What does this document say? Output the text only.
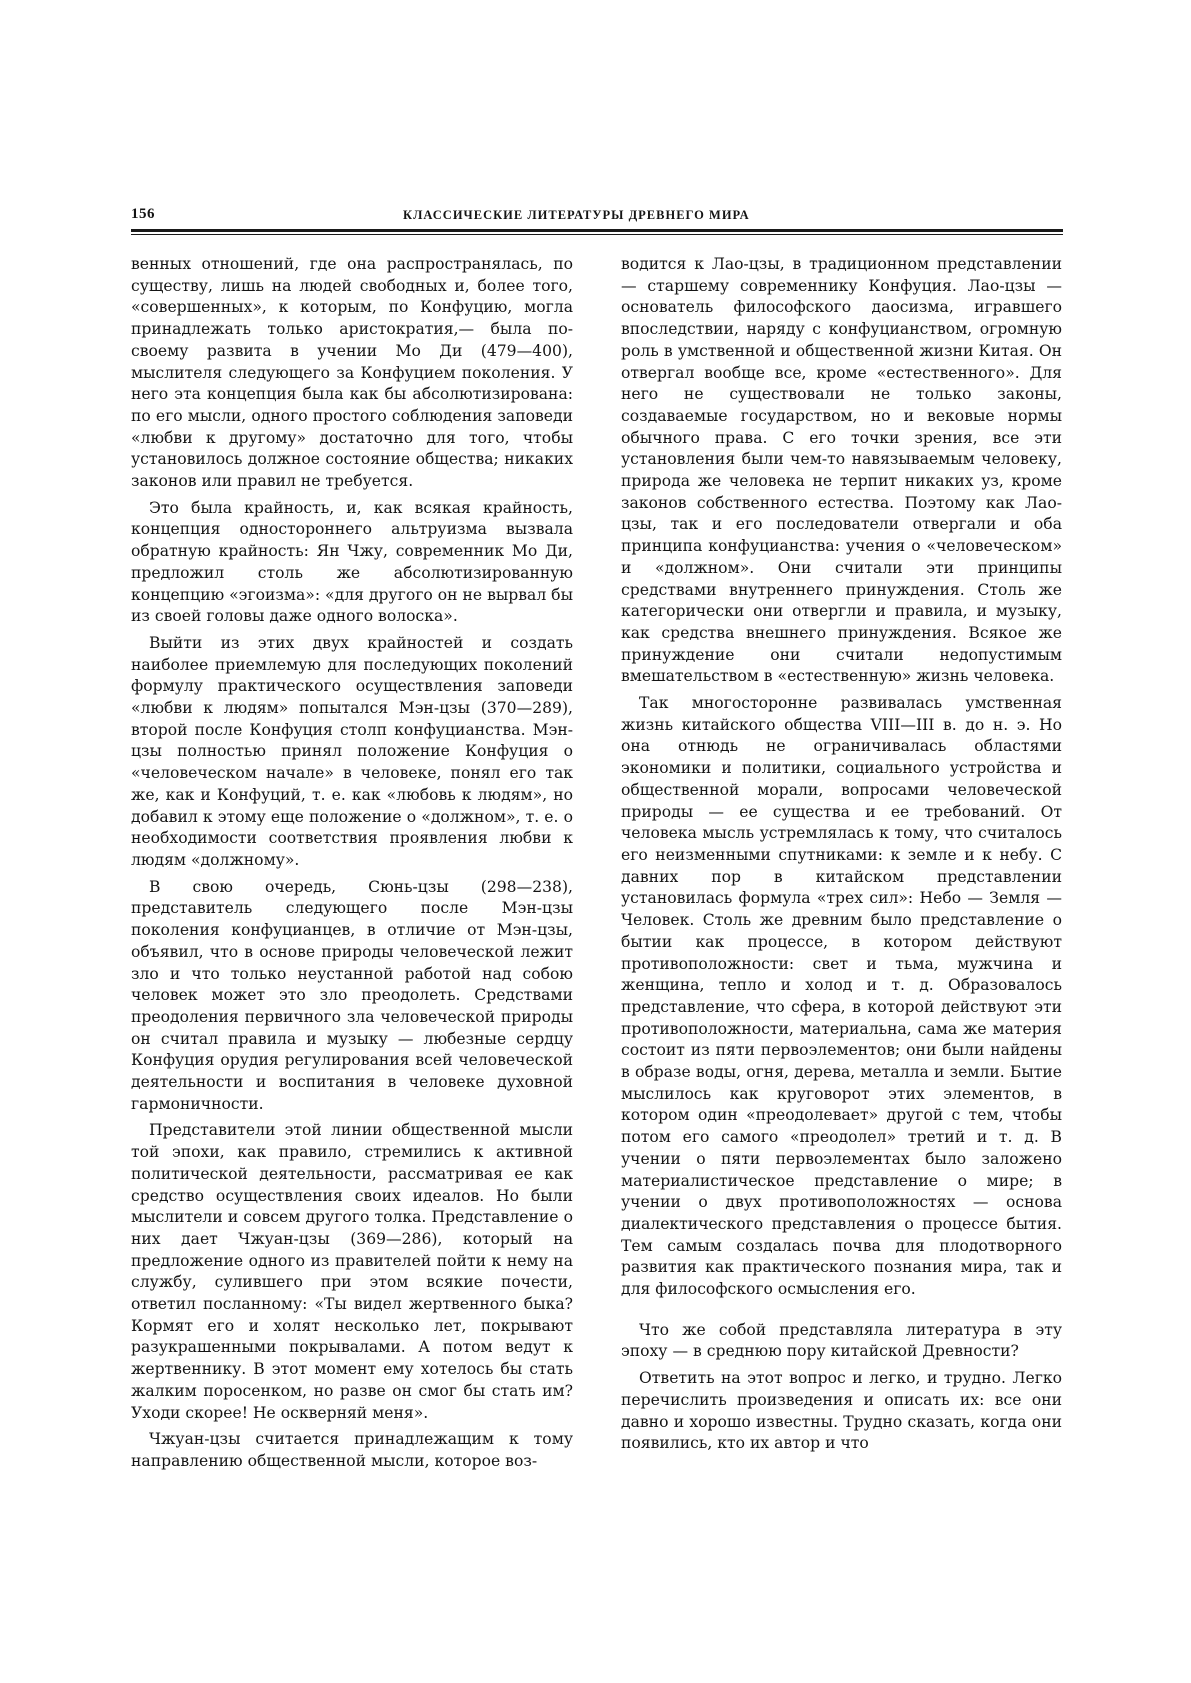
156	КЛАССИЧЕСКИЕ ЛИТЕРАТУРЫ ДРЕВНЕГО МИРА

венных отношений, где она распространялась, по существу, лишь на людей свободных и, более того, «совершенных», к которым, по Конфуцию, могла принадлежать только аристократия,— была по-своему развита в учении Мо Ди (479—400), мыслителя следующего за Конфуцием поколения. У него эта концепция была как бы абсолютизирована: по его мысли, одного простого соблюдения заповеди «любви к другому» достаточно для того, чтобы установилось должное состояние общества; никаких законов или правил не требуется.

Это была крайность, и, как всякая крайность, концепция одностороннего альтруизма вызвала обратную крайность: Ян Чжу, современник Мо Ди, предложил столь же абсолютизированную концепцию «эгоизма»: «для другого он не вырвал бы из своей головы даже одного волоска».

Выйти из этих двух крайностей и создать наиболее приемлемую для последующих поколений формулу практического осуществления заповеди «любви к людям» попытался Мэн-цзы (370—289), второй после Конфуция столп конфуцианства. Мэн-цзы полностью принял положение Конфуция о «человеческом начале» в человеке, понял его так же, как и Конфуций, т. е. как «любовь к людям», но добавил к этому еще положение о «должном», т. е. о необходимости соответствия проявления любви к людям «должному».

В свою очередь, Сюнь-цзы (298—238), представитель следующего после Мэн-цзы поколения конфуцианцев, в отличие от Мэн-цзы, объявил, что в основе природы человеческой лежит зло и что только неустанной работой над собою человек может это зло преодолеть. Средствами преодоления первичного зла человеческой природы он считал правила и музыку — любезные сердцу Конфуция орудия регулирования всей человеческой деятельности и воспитания в человеке духовной гармоничности.

Представители этой линии общественной мысли той эпохи, как правило, стремились к активной политической деятельности, рассматривая ее как средство осуществления своих идеалов. Но были мыслители и совсем другого толка. Представление о них дает Чжуан-цзы (369—286), который на предложение одного из правителей пойти к нему на службу, сулившего при этом всякие почести, ответил посланному: «Ты видел жертвенного быка? Кормят его и холят несколько лет, покрывают разукрашенными покрывалами. А потом ведут к жертвеннику. В этот момент ему хотелось бы стать жалким поросенком, но разве он смог бы стать им? Уходи скорее! Не оскверняй меня».

Чжуан-цзы считается принадлежащим к тому направлению общественной мысли, которое воз-

водится к Лао-цзы, в традиционном представлении — старшему современнику Конфуция. Лао-цзы — основатель философского даосизма, игравшего впоследствии, наряду с конфуцианством, огромную роль в умственной и общественной жизни Китая. Он отвергал вообще все, кроме «естественного». Для него не существовали не только законы, создаваемые государством, но и вековые нормы обычного права. С его точки зрения, все эти установления были чем-то навязываемым человеку, природа же человека не терпит никаких уз, кроме законов собственного естества. Поэтому как Лао-цзы, так и его последователи отвергали и оба принципа конфуцианства: учения о «человеческом» и «должном». Они считали эти принципы средствами внутреннего принуждения. Столь же категорически они отвергли и правила, и музыку, как средства внешнего принуждения. Всякое же принуждение они считали недопустимым вмешательством в «естественную» жизнь человека.

Так многосторонне развивалась умственная жизнь китайского общества VIII—III в. до н. э. Но она отнюдь не ограничивалась областями экономики и политики, социального устройства и общественной морали, вопросами человеческой природы — ее существа и ее требований. От человека мысль устремлялась к тому, что считалось его неизменными спутниками: к земле и к небу. С давних пор в китайском представлении установилась формула «трех сил»: Небо — Земля — Человек. Столь же древним было представление о бытии как процессе, в котором действуют противоположности: свет и тьма, мужчина и женщина, тепло и холод и т. д. Образовалось представление, что сфера, в которой действуют эти противоположности, материальна, сама же материя состоит из пяти первоэлементов; они были найдены в образе воды, огня, дерева, металла и земли. Бытие мыслилось как круговорот этих элементов, в котором один «преодолевает» другой с тем, чтобы потом его самого «преодолел» третий и т. д. В учении о пяти первоэлементах было заложено материалистическое представление о мире; в учении о двух противоположностях — основа диалектического представления о процессе бытия. Тем самым создалась почва для плодотворного развития как практического познания мира, так и для философского осмысления его.

Что же собой представляла литература в эту эпоху — в среднюю пору китайской Древности?

Ответить на этот вопрос и легко, и трудно. Легко перечислить произведения и описать их: все они давно и хорошо известны. Трудно сказать, когда они появились, кто их автор и что
